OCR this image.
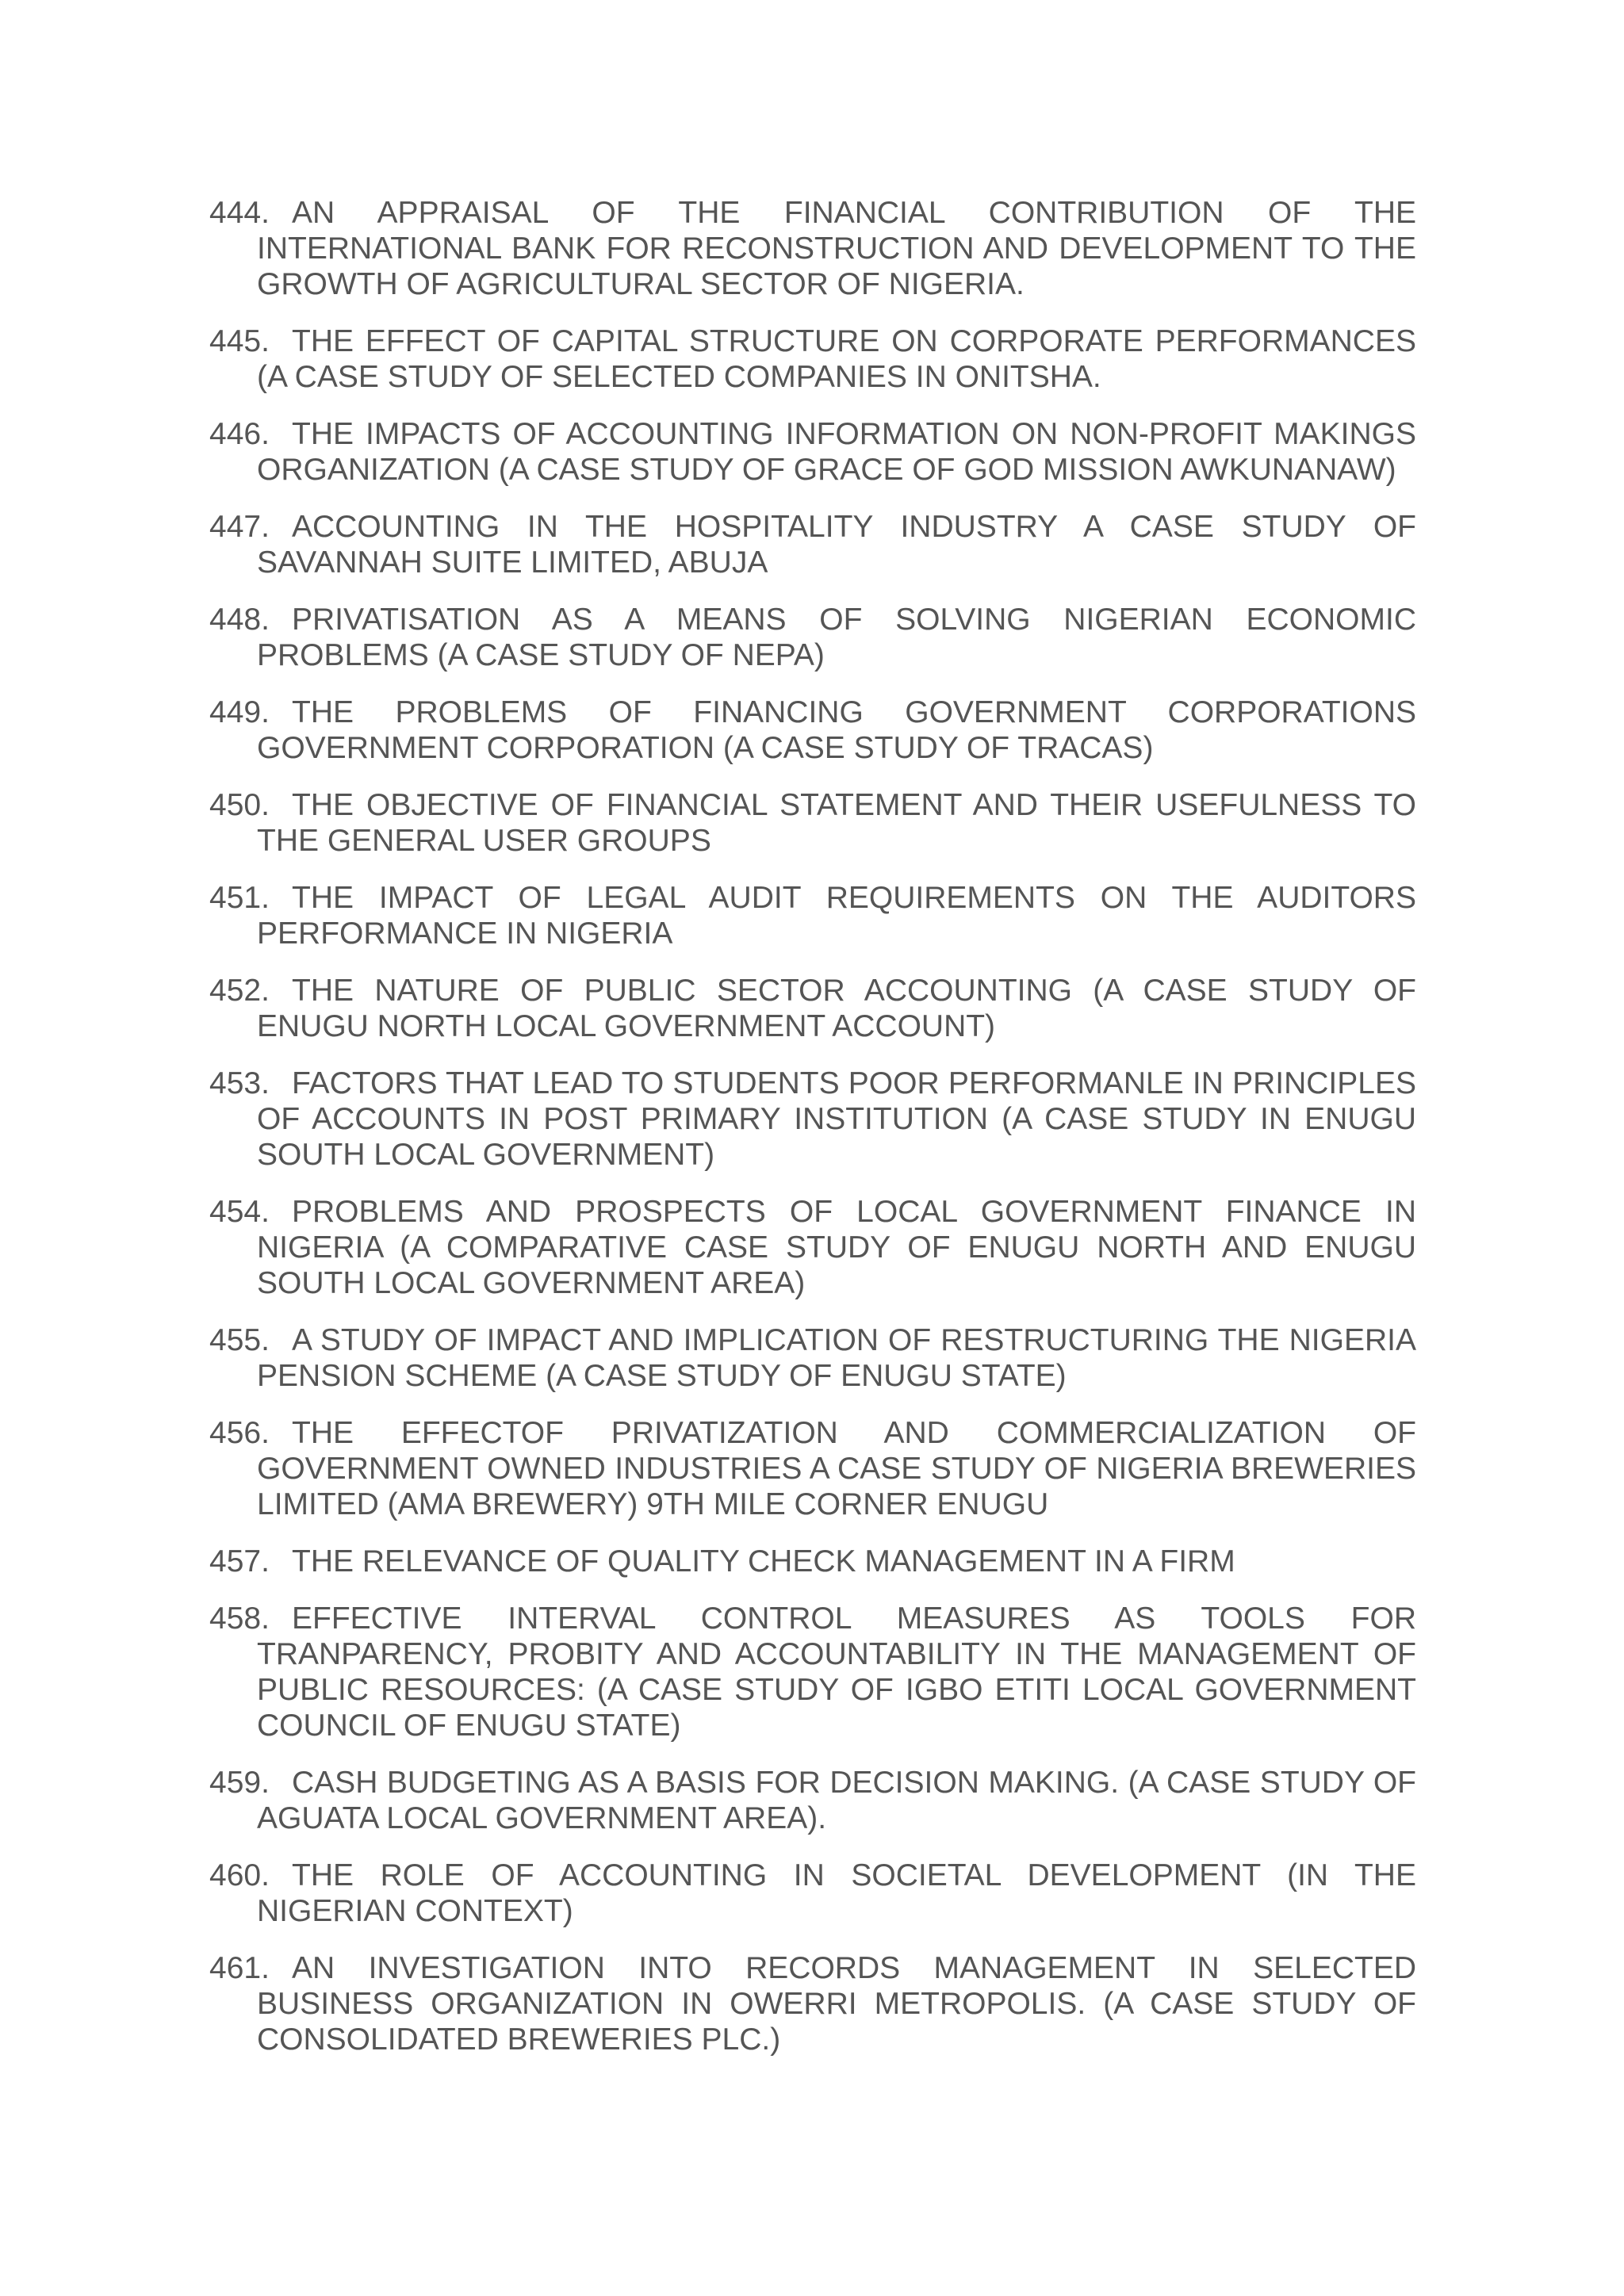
444. AN APPRAISAL OF THE FINANCIAL CONTRIBUTION OF THE INTERNATIONAL BANK FOR RECONSTRUCTION AND DEVELOPMENT TO THE GROWTH OF AGRICULTURAL SECTOR OF NIGERIA.
445. THE EFFECT OF CAPITAL STRUCTURE ON CORPORATE PERFORMANCES (A CASE STUDY OF SELECTED COMPANIES IN ONITSHA.
446. THE IMPACTS OF ACCOUNTING INFORMATION ON NON-PROFIT MAKINGS ORGANIZATION (A CASE STUDY OF GRACE OF GOD MISSION AWKUNANAW)
447. ACCOUNTING IN THE HOSPITALITY INDUSTRY A CASE STUDY OF SAVANNAH SUITE LIMITED, ABUJA
448. PRIVATISATION AS A MEANS OF SOLVING NIGERIAN ECONOMIC PROBLEMS (A CASE STUDY OF NEPA)
449. THE PROBLEMS OF FINANCING GOVERNMENT CORPORATIONS GOVERNMENT CORPORATION (A CASE STUDY OF TRACAS)
450. THE OBJECTIVE OF FINANCIAL STATEMENT AND THEIR USEFULNESS TO THE GENERAL USER GROUPS
451. THE IMPACT OF LEGAL AUDIT REQUIREMENTS ON THE AUDITORS PERFORMANCE IN NIGERIA
452. THE NATURE OF PUBLIC SECTOR ACCOUNTING (A CASE STUDY OF ENUGU NORTH LOCAL GOVERNMENT ACCOUNT)
453. FACTORS THAT LEAD TO STUDENTS POOR PERFORMANLE IN PRINCIPLES OF ACCOUNTS IN POST PRIMARY INSTITUTION (A CASE STUDY IN ENUGU SOUTH LOCAL GOVERNMENT)
454. PROBLEMS AND PROSPECTS OF LOCAL GOVERNMENT FINANCE IN NIGERIA (A COMPARATIVE CASE STUDY OF ENUGU NORTH AND ENUGU SOUTH LOCAL GOVERNMENT AREA)
455. A STUDY OF IMPACT AND IMPLICATION OF RESTRUCTURING THE NIGERIA PENSION SCHEME (A CASE STUDY OF ENUGU STATE)
456. THE EFFECTOF PRIVATIZATION AND COMMERCIALIZATION OF GOVERNMENT OWNED INDUSTRIES A CASE STUDY OF NIGERIA BREWERIES LIMITED (AMA BREWERY) 9TH MILE CORNER ENUGU
457. THE RELEVANCE OF QUALITY CHECK MANAGEMENT IN A FIRM
458. EFFECTIVE INTERVAL CONTROL MEASURES AS TOOLS FOR TRANPARENCY, PROBITY AND ACCOUNTABILITY IN THE MANAGEMENT OF PUBLIC RESOURCES: (A CASE STUDY OF IGBO ETITI LOCAL GOVERNMENT COUNCIL OF ENUGU STATE)
459. CASH BUDGETING AS A BASIS FOR DECISION MAKING. (A CASE STUDY OF AGUATA LOCAL GOVERNMENT AREA).
460. THE ROLE OF ACCOUNTING IN SOCIETAL DEVELOPMENT (IN THE NIGERIAN CONTEXT)
461. AN INVESTIGATION INTO RECORDS MANAGEMENT IN SELECTED BUSINESS ORGANIZATION IN OWERRI METROPOLIS. (A CASE STUDY OF CONSOLIDATED BREWERIES PLC.)
